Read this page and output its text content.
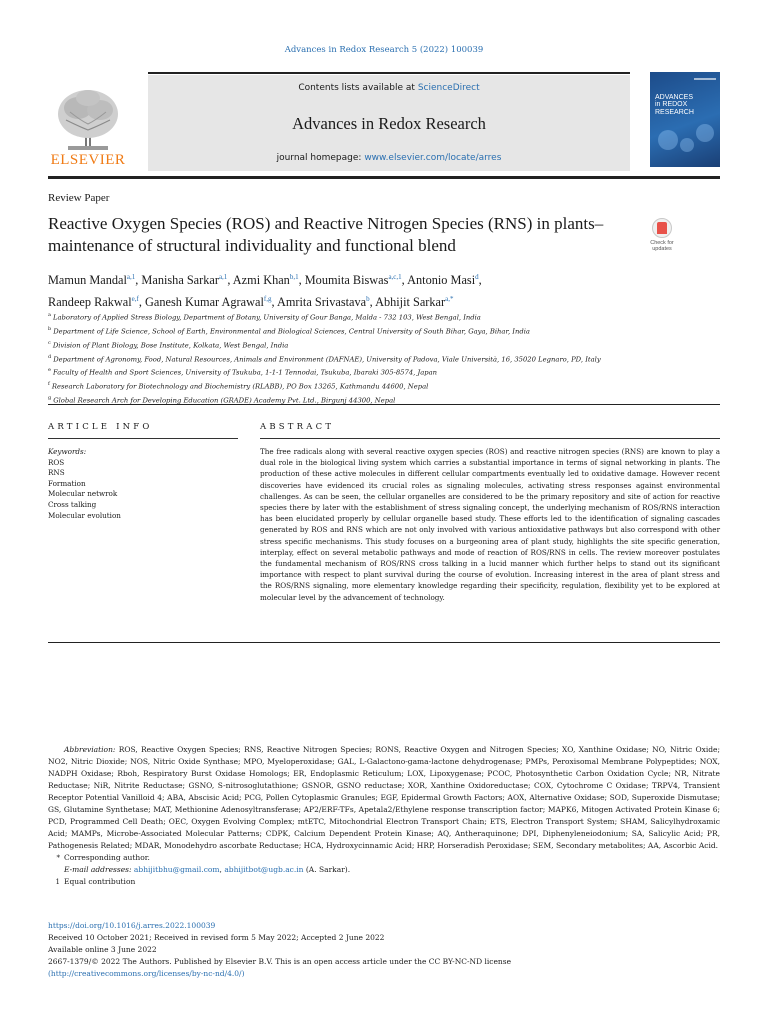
Advances in Redox Research 5 (2022) 100039
ELSEVIER
Contents lists available at ScienceDirect
Advances in Redox Research
journal homepage: www.elsevier.com/locate/arres
ADVANCES
in REDOX
RESEARCH
Review Paper
Reactive Oxygen Species (ROS) and Reactive Nitrogen Species (RNS) in plants– maintenance of structural individuality and functional blend	Check for updates
Mamun Mandal$^{a,1}$, Manisha Sarkar$^{a,1}$, Azmi Khan$^{b,1}$, Moumita Biswas$^{a,c,1}$, Antonio Masi$^d$,
Randeep Rakwal$^{e,f}$, Ganesh Kumar Agrawal$^{f,g}$, Amrita Srivastava$^b$, Abhijit Sarkar$^{a,*}$
$^a$ Laboratory of Applied Stress Biology, Department of Botany, University of Gour Banga, Malda - 732 103, West Bengal, India
$^b$ Department of Life Science, School of Earth, Environmental and Biological Sciences, Central University of South Bihar, Gaya, Bihar, India
$^c$ Division of Plant Biology, Bose Institute, Kolkata, West Bengal, India
$^d$ Department of Agronomy, Food, Natural Resources, Animals and Environment (DAFNAE), University of Padova, Viale Università, 16, 35020 Legnaro, PD, Italy
$^e$ Faculty of Health and Sport Sciences, University of Tsukuba, 1-1-1 Tennodai, Tsukuba, Ibaraki 305-8574, Japan
$^f$ Research Laboratory for Biotechnology and Biochemistry (RLABB), PO Box 13265, Kathmandu 44600, Nepal
$^g$ Global Research Arch for Developing Education (GRADE) Academy Pvt. Ltd., Birgunj 44300, Nepal
ARTICLE INFO
Keywords:
ROS
RNS
Formation
Molecular netwrok
Cross talking
Molecular evolution
ABSTRACT
The free radicals along with several reactive oxygen species (ROS) and reactive nitrogen species (RNS) are known to play a dual role in the biological living system which carries a substantial importance in terms of signal networking in plants. The production of these active molecules in different cellular compartments eventually led to oxidative damage. However recent discoveries have evidenced its crucial roles as signaling molecules, activating stress responses against environmental challenges. As can be seen, the cellular organelles are considered to be the primary repository and site of action for reactive species there by later with the establishment of stress signaling concept, the underlying mechanism of ROS/RNS interaction has been elucidated properly by cellular organelle based study. These efforts led to the identification of signaling cascades generated by ROS and RNS which are not only involved with various antioxidative pathways but also correspond with other stress specific mechanisms. This study focuses on a burgeoning area of plant study, highlights the site specific generation, interplay, effect on several metabolic pathways and mode of reaction of ROS/RNS in cells. The review moreover postulates the fundamental mechanism of ROS/RNS cross talking in a lucid manner which further helps to stand out its significant importance with respect to plant survival during the course of evolution. Increasing interest in the area of plant stress and the ROS/RNS signaling, more elementary knowledge regarding their specificity, regulation, flexibility yet to be explored at molecular level by the advancement of technology.
Abbreviation: ROS, Reactive Oxygen Species; RNS, Reactive Nitrogen Species; RONS, Reactive Oxygen and Nitrogen Species; XO, Xanthine Oxidase; NO, Nitric Oxide; NO2, Nitric Dioxide; NOS, Nitric Oxide Synthase; MPO, Myeloperoxidase; GAL, L-Galactono-gama-lactone dehydrogenase; PMPs, Peroxisomal Membrane Polypeptides; NOX, NADPH Oxidase; Rboh, Respiratory Burst Oxidase Homologs; ER, Endoplasmic Reticulum; LOX, Lipoxygenase; PCOC, Photosynthetic Carbon Oxidation Cycle; NR, Nitrate Reductase; NiR, Nitrite Reductase; GSNO, S-nitrosoglutathione; GSNOR, GSNO reductase; XOR, Xanthine Oxidoreductase; COX, Cytochrome C Oxidase; TRPV4, Transient Receptor Potential Vanilloid 4; ABA, Abscisic Acid; PCG, Pollen Cytoplasmic Granules; EGF, Epidermal Growth Factors; AOX, Alternative Oxidase; SOD, Superoxide Dismutase; GS, Glutamine Synthetase; MAT, Methionine Adenosyltransferase; AP2/ERF-TFs, Apetala2/Ethylene response transcription factor; MAPK6, Mitogen Activated Protein Kinase 6; PCD, Programmed Cell Death; OEC, Oxygen Evolving Complex; mtETC, Mitochondrial Electron Transport Chain; ETS, Electron Transport System; SHAM, Salicylhydroxamic Acid; MAMPs, Microbe-Associated Molecular Patterns; CDPK, Calcium Dependent Protein Kinase; AQ, Antheraquinone; DPI, Diphenyleneiodonium; SA, Salicylic Acid; PR, Pathogenesis Related; MDAR, Monodehydro ascorbate Reductase; HCA, Hydroxycinnamic Acid; HRP, Horseradish Peroxidase; SEM, Secondary metabolites; AA, Ascorbic Acid.
* Corresponding author.
E-mail addresses: abhijitbhu@gmail.com, abhijitbot@ugb.ac.in (A. Sarkar).
1 Equal contribution
https://doi.org/10.1016/j.arres.2022.100039
Received 10 October 2021; Received in revised form 5 May 2022; Accepted 2 June 2022
Available online 3 June 2022
2667-1379/© 2022 The Authors. Published by Elsevier B.V. This is an open access article under the CC BY-NC-ND license
(http://creativecommons.org/licenses/by-nc-nd/4.0/)
